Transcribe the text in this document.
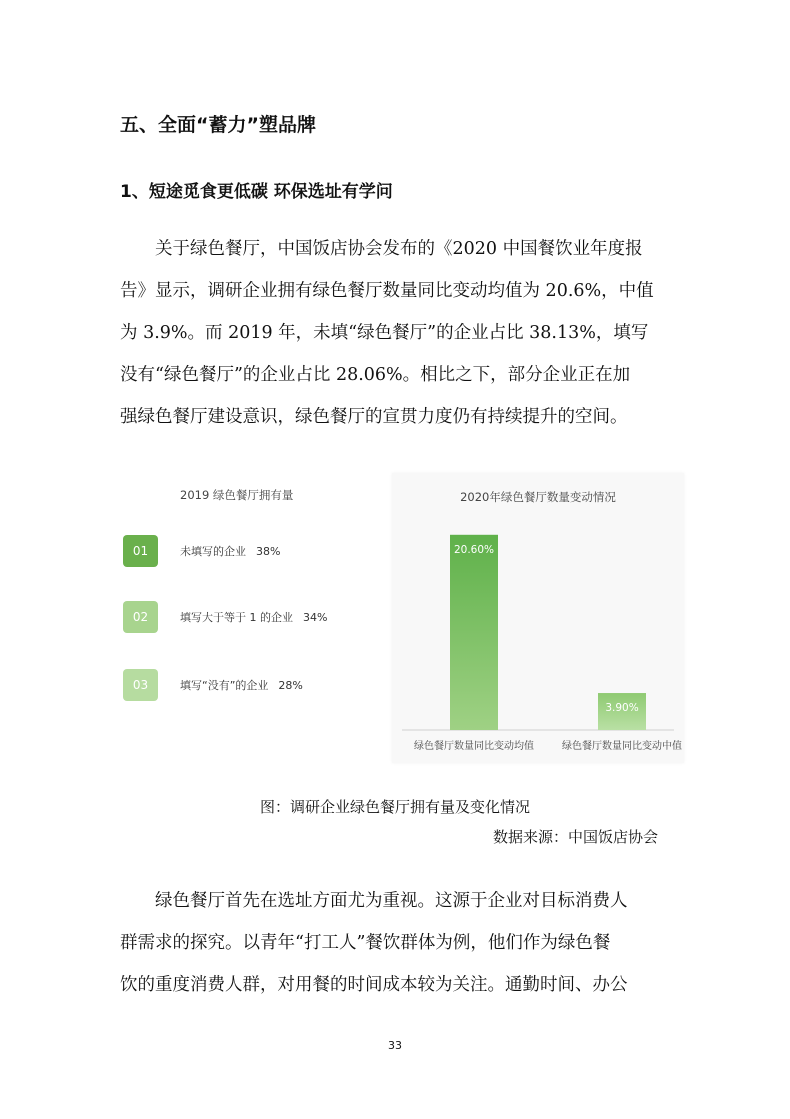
五、全面“蓄力”塑品牌
1、短途觅食更低碳 环保选址有学问
关于绿色餐厅，中国饭店协会发布的《2020 中国餐饮业年度报
告》显示，调研企业拥有绿色餐厅数量同比变动均值为 20.6%，中值
为 3.9%。而 2019 年，未填“绿色餐厅”的企业占比 38.13%，填写
没有“绿色餐厅”的企业占比 28.06%。相比之下，部分企业正在加
强绿色餐厅建设意识，绿色餐厅的宣贯力度仍有持续提升的空间。
2019 绿色餐厅拥有量
01	未填写的企业 38%
02	填写大于等于 1 的企业 34%
03	填写“没有”的企业 28%
2020年绿色餐厅数量变动情况
20.60%
绿色餐厅数量同比变动均值
3.90%
绿色餐厅数量同比变动中值
图：调研企业绿色餐厅拥有量及变化情况
数据来源：中国饭店协会
绿色餐厅首先在选址方面尤为重视。这源于企业对目标消费人
群需求的探究。以青年“打工人”餐饮群体为例，他们作为绿色餐
饮的重度消费人群，对用餐的时间成本较为关注。通勤时间、办公
33
